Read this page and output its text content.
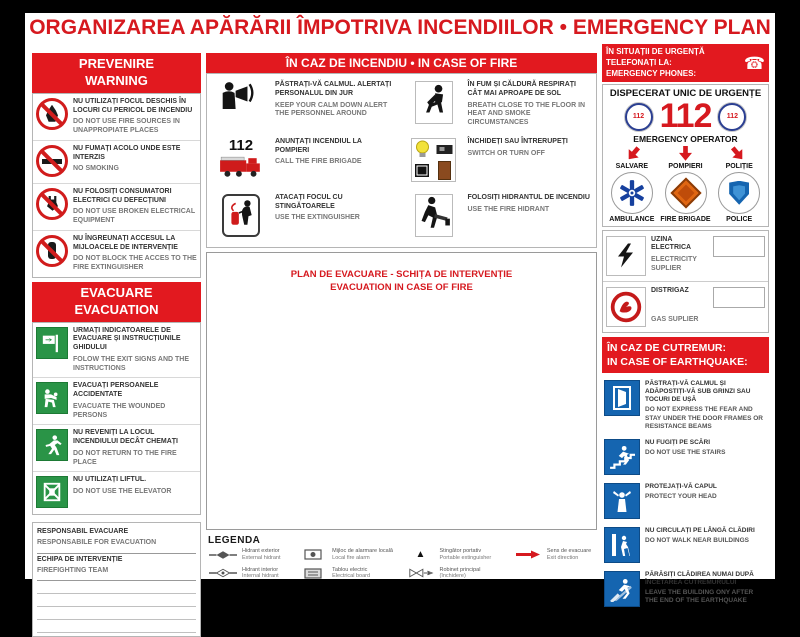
ORGANIZAREA APĂRĂRII ÎMPOTRIVA INCENDIILOR • EMERGENCY PLAN
PREVENIRE
WARNING
NU UTILIZAȚI FOCUL DESCHIS ÎN LOCURI CU PERICOL DE INCENDIU
DO NOT USE FIRE SOURCES IN UNAPPROPIATE PLACES
NU FUMAȚI ACOLO UNDE ESTE INTERZIS
NO SMOKING
NU FOLOSIȚI CONSUMATORI ELECTRICI CU DEFECȚIUNI
DO NOT USE BROKEN ELECTRICAL EQUIPMENT
NU ÎNGREUNAȚI ACCESUL LA MIJLOACELE DE INTERVENȚIE
DO NOT BLOCK THE ACCES TO THE FIRE EXTINGUISHER
EVACUARE
EVACUATION
URMAȚI INDICATOARELE DE EVACUARE ȘI INSTRUCȚIUNILE GHIDULUI
FOLOW THE EXIT SIGNS AND THE INSTRUCTIONS
EVACUAȚI PERSOANELE ACCIDENTATE
EVACUATE THE WOUNDED PERSONS
NU REVENIȚI LA LOCUL INCENDIULUI DECÂT CHEMAȚI
DO NOT RETURN TO THE FIRE PLACE
NU UTILIZAȚI LIFTUL.
DO NOT USE THE ELEVATOR
RESPONSABIL EVACUARE
RESPONSABILE FOR EVACUATION
ECHIPA DE INTERVENȚIE
FIREFIGHTING TEAM
ÎN CAZ DE INCENDIU • IN CASE OF FIRE
PĂSTRAȚI-VĂ CALMUL. ALERTAȚI PERSONALUL DIN JUR
KEEP YOUR CALM DOWN ALERT THE PERSONNEL AROUND
112	ANUNȚAȚI INCENDIUL LA POMPIERI
CALL THE FIRE BRIGADE
ATACAȚI FOCUL CU STINGĂTOARELE
USE THE EXTINGUISHER
ÎN FUM ȘI CĂLDURĂ RESPIRAȚI CÂT MAI APROAPE DE SOL
BREATH CLOSE TO THE FLOOR IN HEAT AND SMOKE CIRCUMSTANCES
ÎNCHIDEȚI SAU ÎNTRERUPEȚI
SWITCH OR TURN OFF
FOLOSIȚI HIDRANTUL DE INCENDIU
USE THE FIRE HIDRANT
PLAN DE EVACUARE - SCHIȚA DE INTERVENȚIE
EVACUATION IN CASE OF FIRE
LEGENDA
Hidrant exterior
External hidrant
Hidrant interior
Internal hidrant
Mijloc de alarmare locală
Local fire alarm
Tablou electric
Electrical board
▲	Stingător portativ
Portable extinguisher
Robinet principal
(închidere)
Sens de evacuare
Exit direction
ÎN SITUAȚII DE URGENȚĂ TELEFONAȚI LA:
EMERGENCY PHONES:
☎
DISPECERAT UNIC DE URGENȚE
112 112 112
EMERGENCY OPERATOR
SALVARE	POMPIERI	POLIȚIE
AMBULANCE FIRE BRIGADE	POLICE
UZINA ELECTRICA
ELECTRICITY SUPLIER
DISTRIGAZ
GAS SUPLIER
ÎN CAZ DE CUTREMUR:
IN CASE OF EARTHQUAKE:
PĂSTRAȚI-VĂ CALMUL ȘI ADĂPOSTIȚI-VĂ SUB GRINZI SAU TOCURI DE UȘĂ
DO NOT EXPRESS THE FEAR AND STAY UNDER THE DOOR FRAMES OR RESISTANCE BEAMS
NU FUGIȚI PE SCĂRI
DO NOT USE THE STAIRS
PROTEJAȚI-VĂ CAPUL
PROTECT YOUR HEAD
NU CIRCULAȚI PE LÂNGĂ CLĂDIRI
DO NOT WALK NEAR BUILDINGS
PĂRĂSIȚI CLĂDIREA NUMAI DUPĂ ÎNCETAREA CUTREMURULUI
LEAVE THE BUILDING ONY AFTER THE END OF THE EARTHQUAKE
